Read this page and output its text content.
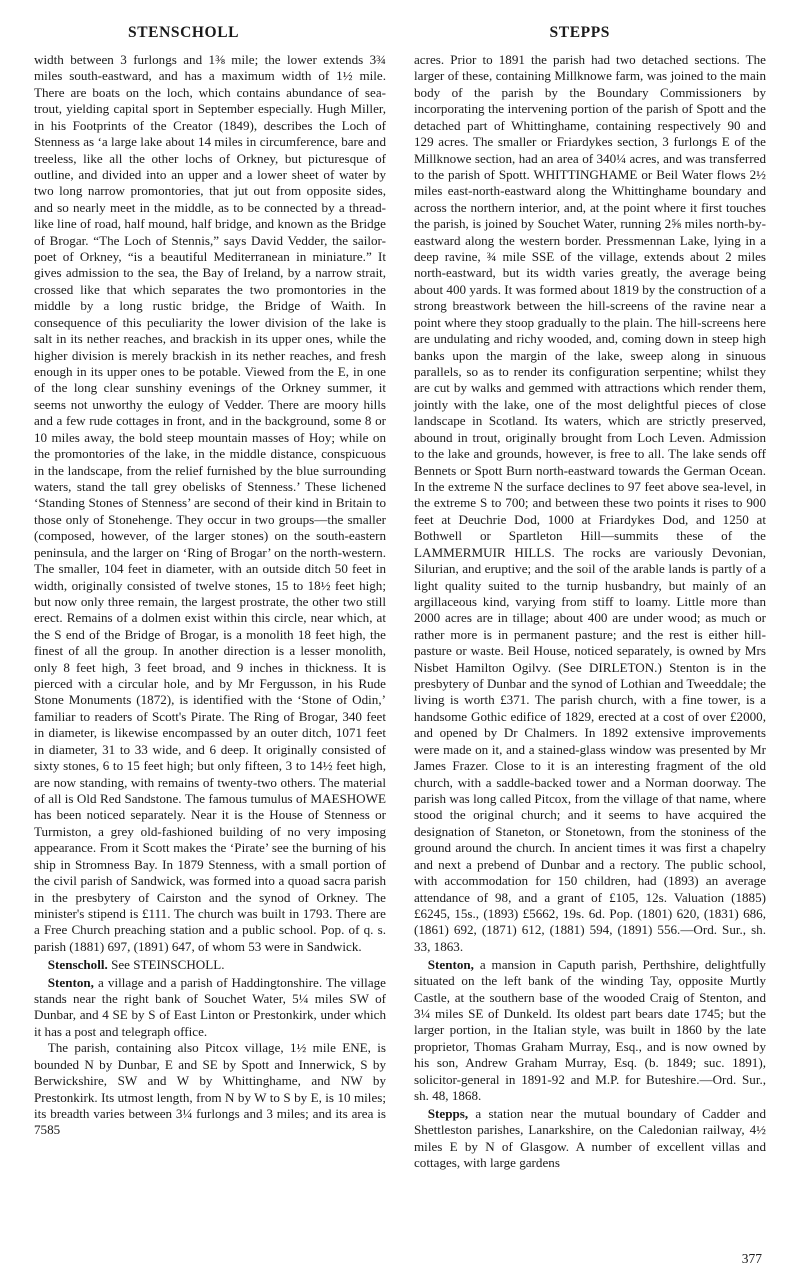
STENSCHOLL	STEPPS

width between 3 furlongs and 1⅜ mile; the lower extends 3¾ miles south-eastward, and has a maximum width of 1½ mile. There are boats on the loch, which contains abundance of sea-trout, yielding capital sport in September especially. Hugh Miller, in his Footprints of the Creator (1849), describes the Loch of Stenness as ‘a large lake about 14 miles in circumference, bare and treeless, like all the other lochs of Orkney, but picturesque of outline, and divided into an upper and a lower sheet of water by two long narrow promontories, that jut out from opposite sides, and so nearly meet in the middle, as to be connected by a thread-like line of road, half mound, half bridge, and known as the Bridge of Brogar. “The Loch of Stennis,” says David Vedder, the sailor-poet of Orkney, “is a beautiful Mediterranean in miniature.” It gives admission to the sea, the Bay of Ireland, by a narrow strait, crossed like that which separates the two promontories in the middle by a long rustic bridge, the Bridge of Waith. In consequence of this peculiarity the lower division of the lake is salt in its nether reaches, and brackish in its upper ones, while the higher division is merely brackish in its nether reaches, and fresh enough in its upper ones to be potable. Viewed from the E, in one of the long clear sunshiny evenings of the Orkney summer, it seems not unworthy the eulogy of Vedder. There are moory hills and a few rude cottages in front, and in the background, some 8 or 10 miles away, the bold steep mountain masses of Hoy; while on the promontories of the lake, in the middle distance, conspicuous in the landscape, from the relief furnished by the blue surrounding waters, stand the tall grey obelisks of Stenness.’ These lichened ‘Standing Stones of Stenness’ are second of their kind in Britain to those only of Stonehenge. They occur in two groups—the smaller (composed, however, of the larger stones) on the south-eastern peninsula, and the larger on ‘Ring of Brogar’ on the north-western. The smaller, 104 feet in diameter, with an outside ditch 50 feet in width, originally consisted of twelve stones, 15 to 18½ feet high; but now only three remain, the largest prostrate, the other two still erect. Remains of a dolmen exist within this circle, near which, at the S end of the Bridge of Brogar, is a monolith 18 feet high, the finest of all the group. In another direction is a lesser monolith, only 8 feet high, 3 feet broad, and 9 inches in thickness. It is pierced with a circular hole, and by Mr Fergusson, in his Rude Stone Monuments (1872), is identified with the ‘Stone of Odin,’ familiar to readers of Scott's Pirate. The Ring of Brogar, 340 feet in diameter, is likewise encompassed by an outer ditch, 1071 feet in diameter, 31 to 33 wide, and 6 deep. It originally consisted of sixty stones, 6 to 15 feet high; but only fifteen, 3 to 14½ feet high, are now standing, with remains of twenty-two others. The material of all is Old Red Sandstone. The famous tumulus of MAESHOWE has been noticed separately. Near it is the House of Stenness or Turmiston, a grey old-fashioned building of no very imposing appearance. From it Scott makes the ‘Pirate’ see the burning of his ship in Stromness Bay. In 1879 Stenness, with a small portion of the civil parish of Sandwick, was formed into a quoad sacra parish in the presbytery of Cairston and the synod of Orkney. The minister's stipend is £111. The church was built in 1793. There are a Free Church preaching station and a public school. Pop. of q. s. parish (1881) 697, (1891) 647, of whom 53 were in Sandwick.

Stenscholl. See STEINSCHOLL.

Stenton, a village and a parish of Haddingtonshire. The village stands near the right bank of Souchet Water, 5¼ miles SW of Dunbar, and 4 SE by S of East Linton or Prestonkirk, under which it has a post and telegraph office.

The parish, containing also Pitcox village, 1½ mile ENE, is bounded N by Dunbar, E and SE by Spott and Innerwick, S by Berwickshire, SW and W by Whittinghame, and NW by Prestonkirk. Its utmost length, from N by W to S by E, is 10 miles; its breadth varies between 3¼ furlongs and 3 miles; and its area is 7585

acres. Prior to 1891 the parish had two detached sections. The larger of these, containing Millknowe farm, was joined to the main body of the parish by the Boundary Commissioners by incorporating the intervening portion of the parish of Spott and the detached part of Whittinghame, containing respectively 90 and 129 acres. The smaller or Friardykes section, 3 furlongs E of the Millknowe section, had an area of 340¼ acres, and was transferred to the parish of Spott. WHITTINGHAME or Beil Water flows 2½ miles east-north-eastward along the Whittinghame boundary and across the northern interior, and, at the point where it first touches the parish, is joined by Souchet Water, running 2⅝ miles north-by-eastward along the western border. Pressmennan Lake, lying in a deep ravine, ¾ mile SSE of the village, extends about 2 miles north-eastward, but its width varies greatly, the average being about 400 yards. It was formed about 1819 by the construction of a strong breastwork between the hill-screens of the ravine near a point where they stoop gradually to the plain. The hill-screens here are undulating and richy wooded, and, coming down in steep high banks upon the margin of the lake, sweep along in sinuous parallels, so as to render its configuration serpentine; whilst they are cut by walks and gemmed with attractions which render them, jointly with the lake, one of the most delightful pieces of close landscape in Scotland. Its waters, which are strictly preserved, abound in trout, originally brought from Loch Leven. Admission to the lake and grounds, however, is free to all. The lake sends off Bennets or Spott Burn north-eastward towards the German Ocean. In the extreme N the surface declines to 97 feet above sea-level, in the extreme S to 700; and between these two points it rises to 900 feet at Deuchrie Dod, 1000 at Friardykes Dod, and 1250 at Bothwell or Spartleton Hill—summits these of the LAMMERMUIR HILLS. The rocks are variously Devonian, Silurian, and eruptive; and the soil of the arable lands is partly of a light quality suited to the turnip husbandry, but mainly of an argillaceous kind, varying from stiff to loamy. Little more than 2000 acres are in tillage; about 400 are under wood; as much or rather more is in permanent pasture; and the rest is either hill-pasture or waste. Beil House, noticed separately, is owned by Mrs Nisbet Hamilton Ogilvy. (See DIRLETON.) Stenton is in the presbytery of Dunbar and the synod of Lothian and Tweeddale; the living is worth £371. The parish church, with a fine tower, is a handsome Gothic edifice of 1829, erected at a cost of over £2000, and opened by Dr Chalmers. In 1892 extensive improvements were made on it, and a stained-glass window was presented by Mr James Frazer. Close to it is an interesting fragment of the old church, with a saddle-backed tower and a Norman doorway. The parish was long called Pitcox, from the village of that name, where stood the original church; and it seems to have acquired the designation of Staneton, or Stonetown, from the stoniness of the ground around the church. In ancient times it was first a chapelry and next a prebend of Dunbar and a rectory. The public school, with accommodation for 150 children, had (1893) an average attendance of 98, and a grant of £105, 12s. Valuation (1885) £6245, 15s., (1893) £5662, 19s. 6d. Pop. (1801) 620, (1831) 686, (1861) 692, (1871) 612, (1881) 594, (1891) 556.—Ord. Sur., sh. 33, 1863.

Stenton, a mansion in Caputh parish, Perthshire, delightfully situated on the left bank of the winding Tay, opposite Murtly Castle, at the southern base of the wooded Craig of Stenton, and 3¼ miles SE of Dunkeld. Its oldest part bears date 1745; but the larger portion, in the Italian style, was built in 1860 by the late proprietor, Thomas Graham Murray, Esq., and is now owned by his son, Andrew Graham Murray, Esq. (b. 1849; suc. 1891), solicitor-general in 1891-92 and M.P. for Buteshire.—Ord. Sur., sh. 48, 1868.

Stepps, a station near the mutual boundary of Cadder and Shettleston parishes, Lanarkshire, on the Caledonian railway, 4½ miles E by N of Glasgow. A number of excellent villas and cottages, with large gardens

377
